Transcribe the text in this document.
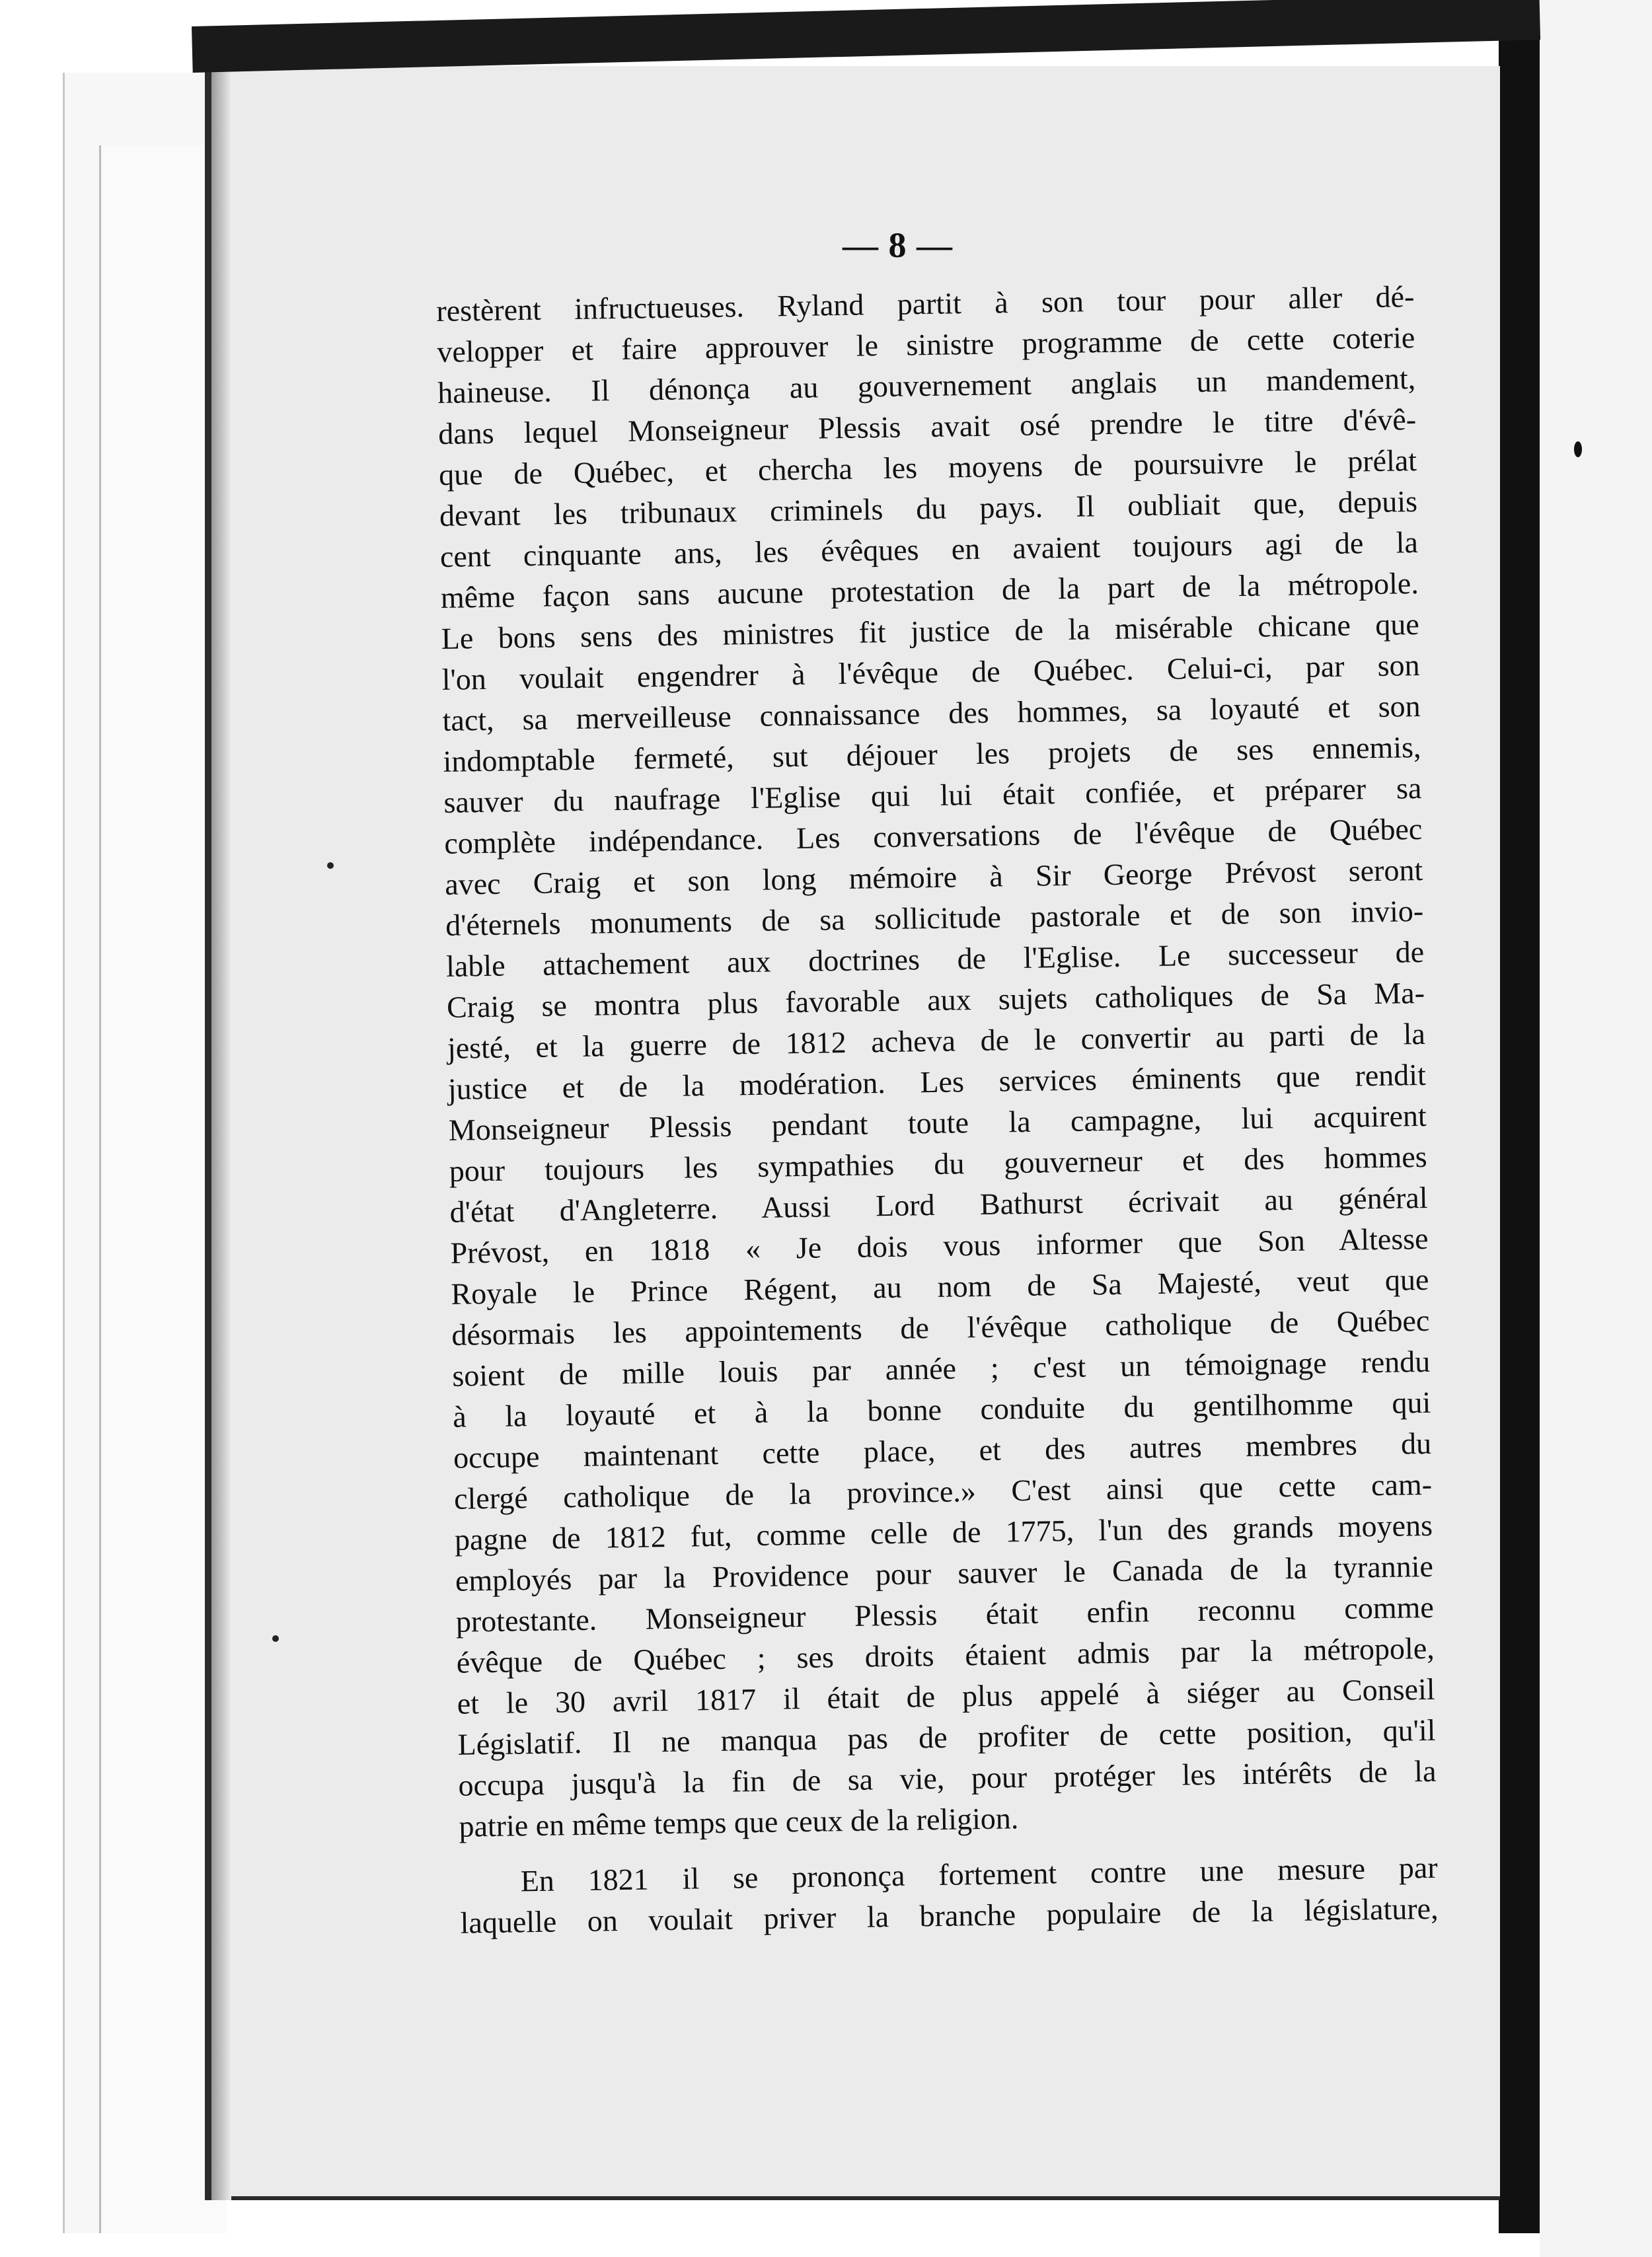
— 8 —
restèrent infructueuses. Ryland partit à son tour pour aller dé-
velopper et faire approuver le sinistre programme de cette coterie
haineuse. Il dénonça au gouvernement anglais un mandement,
dans lequel Monseigneur Plessis avait osé prendre le titre d'évê-
que de Québec, et chercha les moyens de poursuivre le prélat
devant les tribunaux criminels du pays. Il oubliait que, depuis
cent cinquante ans, les évêques en avaient toujours agi de la
même façon sans aucune protestation de la part de la métropole.
Le bons sens des ministres fit justice de la misérable chicane que
l'on voulait engendrer à l'évêque de Québec. Celui-ci, par son
tact, sa merveilleuse connaissance des hommes, sa loyauté et son
indomptable fermeté, sut déjouer les projets de ses ennemis,
sauver du naufrage l'Eglise qui lui était confiée, et préparer sa
complète indépendance. Les conversations de l'évêque de Québec
avec Craig et son long mémoire à Sir George Prévost seront
d'éternels monuments de sa sollicitude pastorale et de son invio-
lable attachement aux doctrines de l'Eglise. Le successeur de
Craig se montra plus favorable aux sujets catholiques de Sa Ma-
jesté, et la guerre de 1812 acheva de le convertir au parti de la
justice et de la modération. Les services éminents que rendit
Monseigneur Plessis pendant toute la campagne, lui acquirent
pour toujours les sympathies du gouverneur et des hommes
d'état d'Angleterre. Aussi Lord Bathurst écrivait au général
Prévost, en 1818 « Je dois vous informer que Son Altesse
Royale le Prince Régent, au nom de Sa Majesté, veut que
désormais les appointements de l'évêque catholique de Québec
soient de mille louis par année ; c'est un témoignage rendu
à la loyauté et à la bonne conduite du gentilhomme qui
occupe maintenant cette place, et des autres membres du
clergé catholique de la province.» C'est ainsi que cette cam-
pagne de 1812 fut, comme celle de 1775, l'un des grands moyens
employés par la Providence pour sauver le Canada de la tyrannie
protestante. Monseigneur Plessis était enfin reconnu comme
évêque de Québec ; ses droits étaient admis par la métropole,
et le 30 avril 1817 il était de plus appelé à siéger au Conseil
Législatif. Il ne manqua pas de profiter de cette position, qu'il
occupa jusqu'à la fin de sa vie, pour protéger les intérêts de la
patrie en même temps que ceux de la religion.
En 1821 il se prononça fortement contre une mesure par
laquelle on voulait priver la branche populaire de la législature,
